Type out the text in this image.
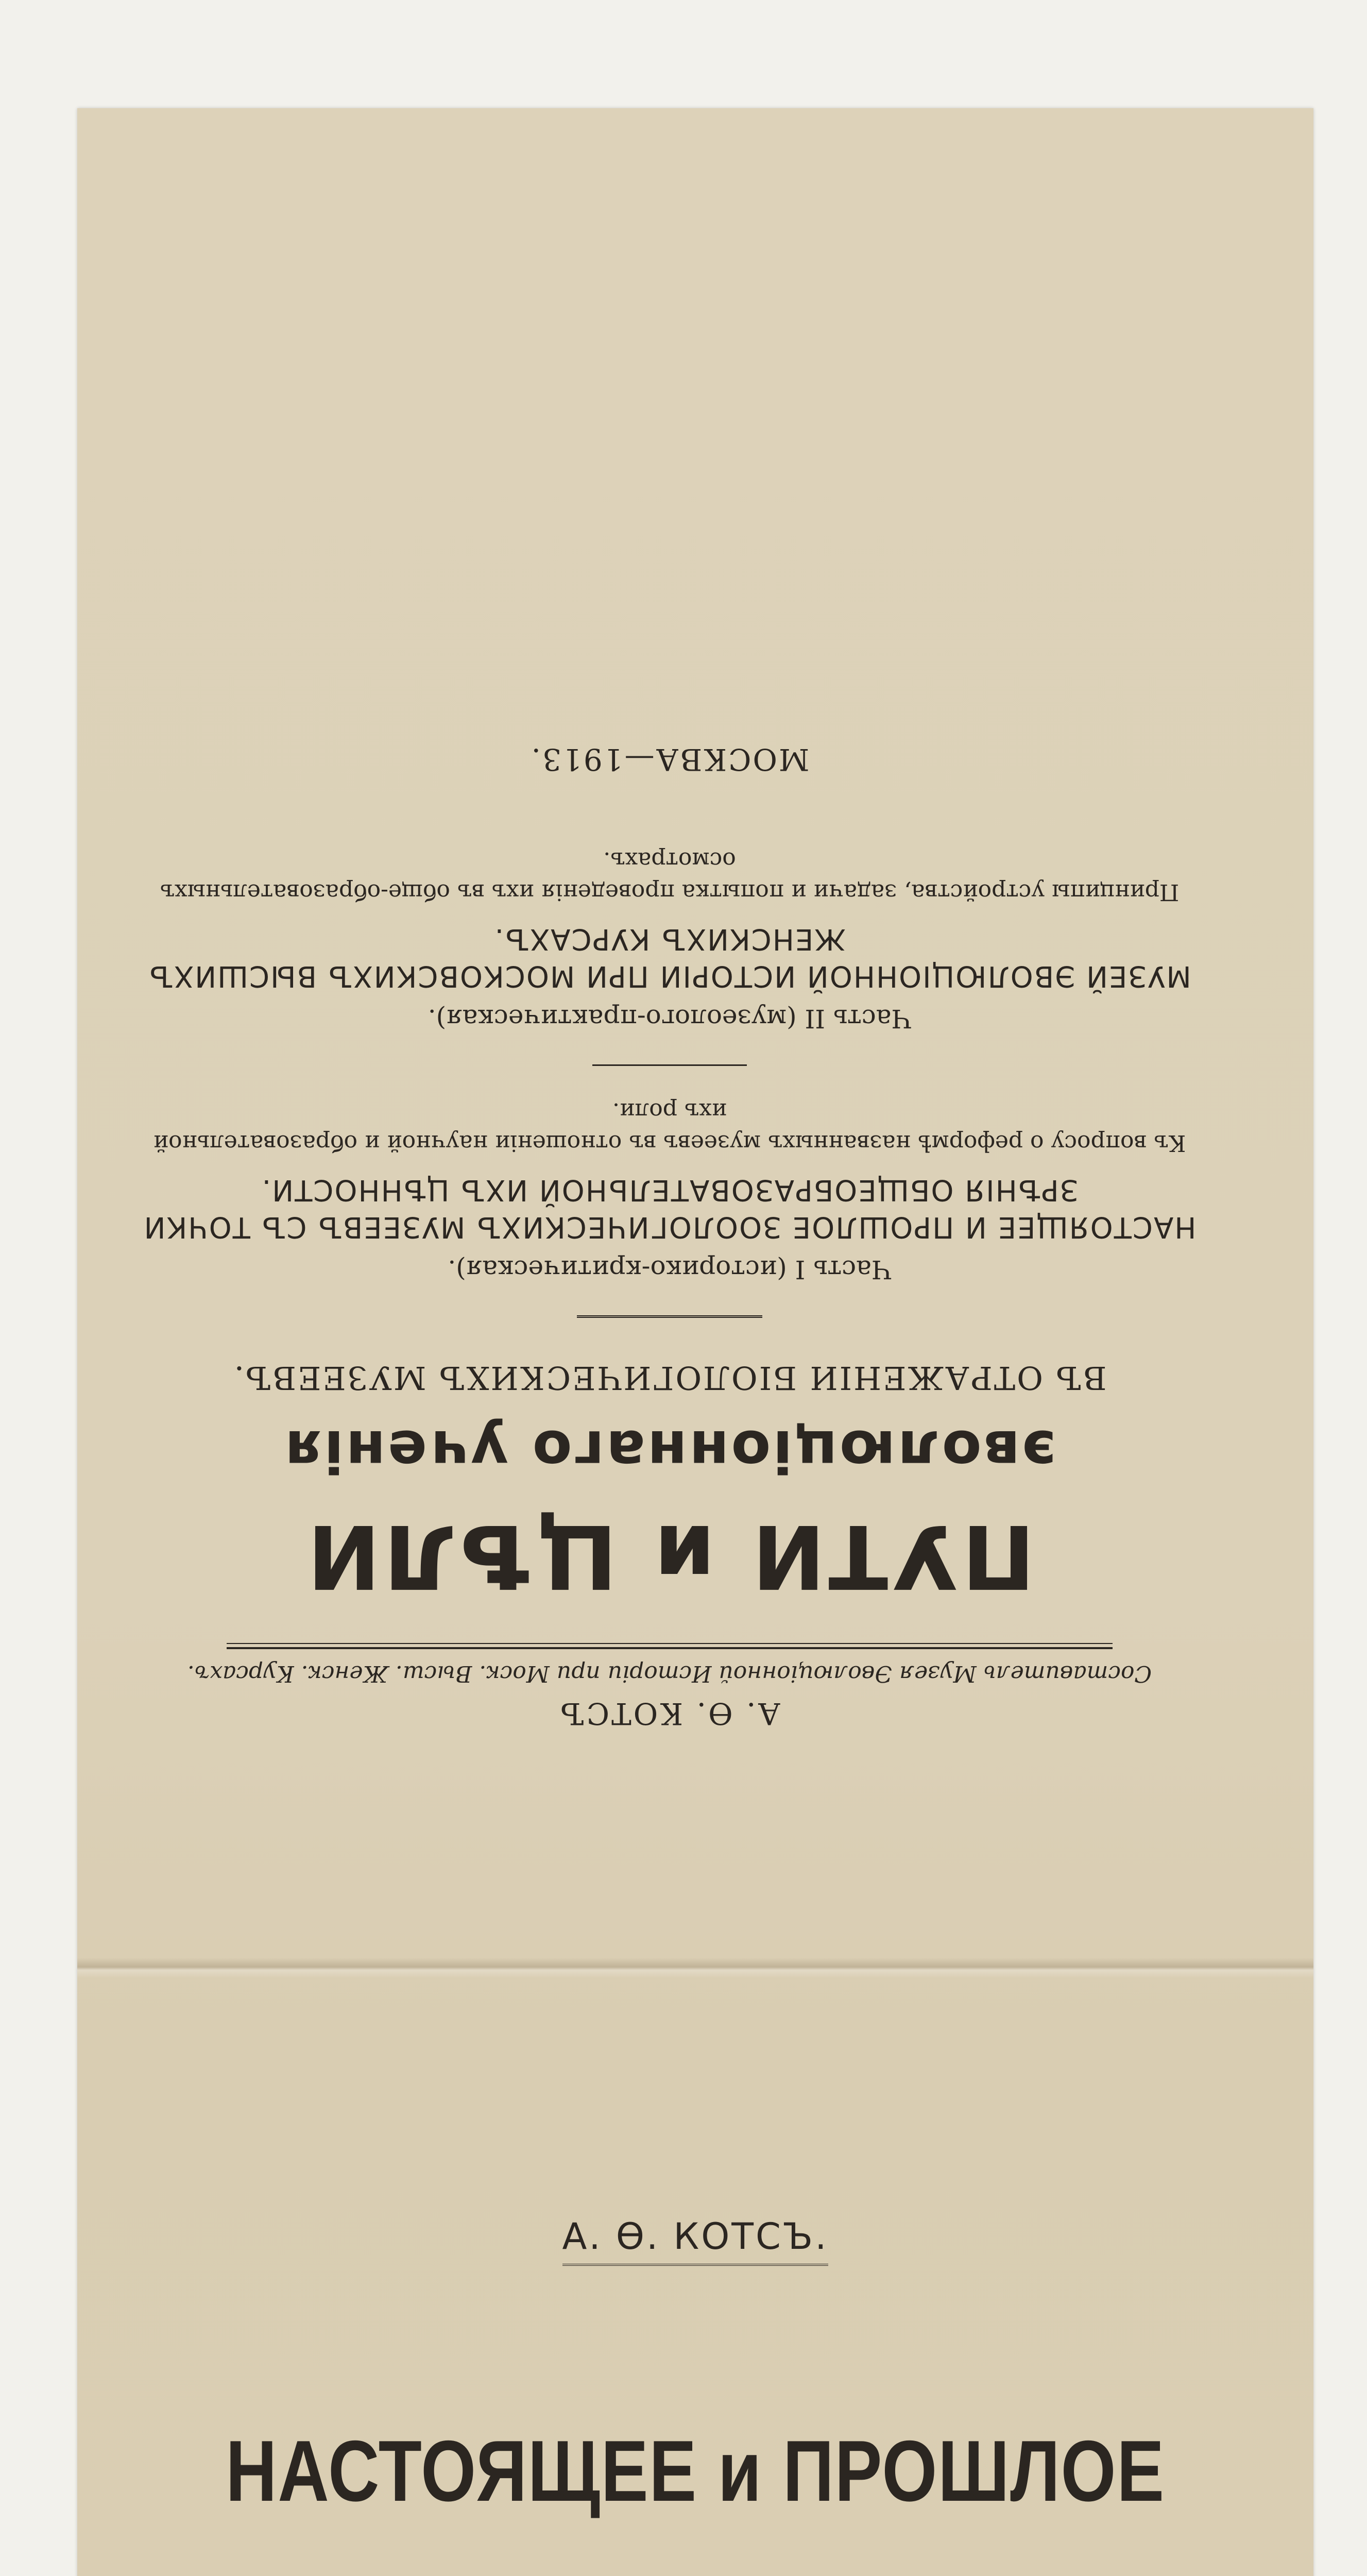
А. Ѳ. КОТСЪ
Составитель Музея Эволюціонной Исторіи при Моск. Высш. Женск. Курсахъ.
ПУТИ и ЦѢЛИ
эволюціоннаго ученія
ВЪ ОТРАЖЕНІИ БІОЛОГИЧЕСКИХЪ МУЗЕЕВЪ.
Часть I (историко-критическая).
НАСТОЯЩЕЕ И ПРОШЛОЕ ЗООЛОГИЧЕСКИХЪ МУЗЕЕВЪ СЪ ТОЧКИ ЗРѢНІЯ ОБЩЕОБРАЗОВАТЕЛЬНОЙ ИХЪ ЦѢННОСТИ.
Къ вопросу о реформѣ названныхъ музеевъ въ отношеніи научной и образовательной ихъ роли.
Часть II (музеолого-практическая).
МУЗЕЙ ЭВОЛЮЦІОННОЙ ИСТОРІИ ПРИ МОСКОВСКИХЪ ВЫСШИХЪ ЖЕНСКИХЪ КУРСАХЪ.
Принципы устройства, задачи и попытка проведенія ихъ въ обще-образовательныхъ осмотрахъ.
МОСКВА—1913.
А. Ѳ. КОТСЪ.
НАСТОЯЩЕЕ и ПРОШЛОЕ
